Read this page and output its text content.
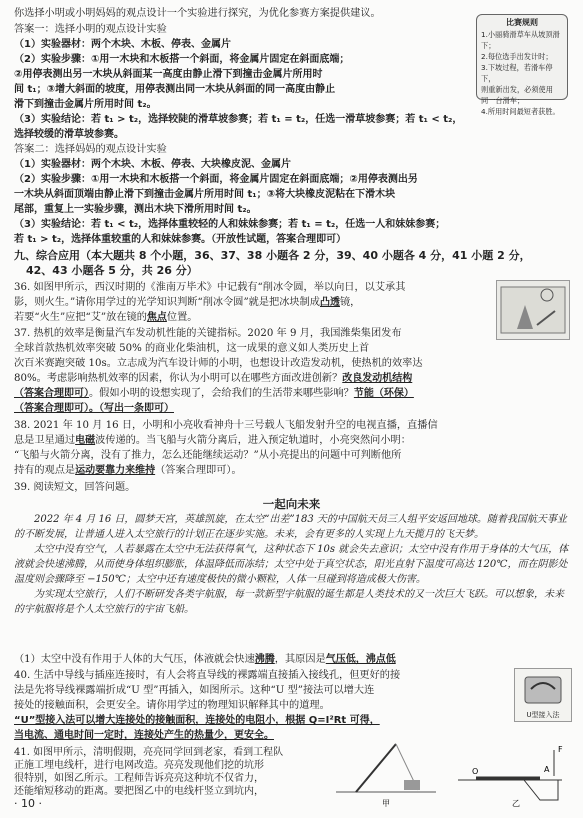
你选择小明或小明妈妈的观点设计一个实验进行探究，为优化参赛方案提供建议。
比赛规则
1.小丽骑滑草车从坡顶滑下；
2.每位选手出发计时；
3.下坡过程，若滑车停下，
则重新出发，必须使用
同一台滑车；
4.所用时间最短者获胜。
答案一：选择小明的观点设计实验
（1）实验器材：两个木块、木板、停表、金属片
（2）实验步骤：①用一木块和木板搭一个斜面，将金属片固定在斜面底端；
②用停表测出另一木块从斜面某一高度由静止滑下到撞击金属片所用时
间 t₁；③增大斜面的坡度，用停表测出同一木块从斜面的同一高度由静止
滑下到撞击金属片所用时间 t₂。
（3）实验结论：若 t₁ > t₂，选择较陡的滑草坡参赛；若 t₁ = t₂，任选一滑草坡参赛；若 t₁ < t₂，
选择较缓的滑草坡参赛。
答案二：选择妈妈的观点设计实验
（1）实验器材：两个木块、木板、停表、大块橡皮泥、金属片
（2）实验步骤：①用一木块和木板搭一个斜面，将金属片固定在斜面底端；②用停表测出另
一木块从斜面顶端由静止滑下到撞击金属片所用时间 t₁；③将大块橡皮泥粘在下滑木块
尾部，重复上一实验步骤，测出木块下滑所用时间 t₂。
（3）实验结论：若 t₁ < t₂，选择体重较轻的人和妹妹参赛；若 t₁ = t₂，任选一人和妹妹参赛；
若 t₁ > t₂，选择体重较重的人和妹妹参赛。（开放性试题，答案合理即可）
九、综合应用（本大题共 8 个小题，36、37、38 小题各 2 分，39、40 小题各 4 分，41 小题 2 分，
42、43 小题各 5 分，共 26 分）
36. 如图甲所示，西汉时期的《淮南万毕术》中记载有“削冰令圆，举以向日，以艾承其
影，则火生。”请你用学过的光学知识判断“削冰令圆”就是把冰块制成凸透镜，
若要“火生”应把“艾”放在镜的焦点位置。
37. 热机的效率是衡量汽车发动机性能的关键指标。2020 年 9 月，我国潍柴集团发布
全球首款热机效率突破 50% 的商业化柴油机，这一成果的意义如人类历史上首
次百米赛跑突破 10s。立志成为汽车设计师的小明，也想设计改造发动机，使热机的效率达
80%。考虑影响热机效率的因素，你认为小明可以在哪些方面改进创新？改良发动机结构
（答案合理即可）。假如小明的设想实现了，会给我们的生活带来哪些影响？节能（环保）
（答案合理即可）。（写出一条即可）
38. 2021 年 10 月 16 日，小明和小亮收看神舟十三号载人飞船发射升空的电视直播，直播信
息是卫星通过电磁波传递的。当飞船与火箭分离后，进入预定轨道时，小亮突然问小明：
“飞船与火箭分离，没有了推力，怎么还能继续运动？”从小亮提出的问题中可判断他所
持有的观点是运动要靠力来维持（答案合理即可）。
39. 阅读短文，回答问题。
一起向未来
2022 年 4 月 16 日，圆梦天宫，英雄凯旋，在太空“出差”183 天的中国航天员三人组平安返回地球。随着我国航天事业的不断发展，让普通人进入太空旅行的计划正在逐步实施。未来，会有更多的人实现上九天揽月的飞天梦。
太空中没有空气，人若暴露在太空中无法获得氧气，这种状态下 10s 就会失去意识；太空中没有作用于身体的大气压，体液就会快速沸腾，从而使身体组织膨胀，体温降低而冻结；太空中处于真空状态，阳光直射下温度可高达 120℃，而在阴影处温度则会骤降至 −150℃；太空中还有速度极快的微小颗粒，人体一旦碰到将造成极大伤害。
为实现太空旅行，人们不断研发各类宇航服，每一款新型宇航服的诞生都是人类技术的又一次巨大飞跃。可以想象，未来的宇航服将是个人太空旅行的宇宙飞船。
（1）太空中没有作用于人体的大气压，体液就会快速沸腾，其原因是气压低，沸点低
40. 生活中导线与插座连接时，有人会将直导线的裸露端直接插入接线孔，但更好的接
法是先将导线裸露端折成“U 型”再插入，如图所示。这种“U 型”接法可以增大连
接处的接触面积，会更安全。请你用学过的物理知识解释其中的道理。
“U”型接入法可以增大连接处的接触面积，连接处的电阻小，根据 Q=I²Rt 可得，
当电流、通电时间一定时，连接处产生的热量少，更安全。
U型接入法
41. 如图甲所示，清明假期，亮亮同学回到老家，看到工程队
正施工埋电线杆，进行电网改造。亮亮发现他们挖的坑形
很特别，如图乙所示。工程师告诉亮亮这种坑不仅省力，
还能缩短移动的距离。要把图乙中的电线杆竖立到坑内，
甲
O	A
F
乙
· 10 ·
